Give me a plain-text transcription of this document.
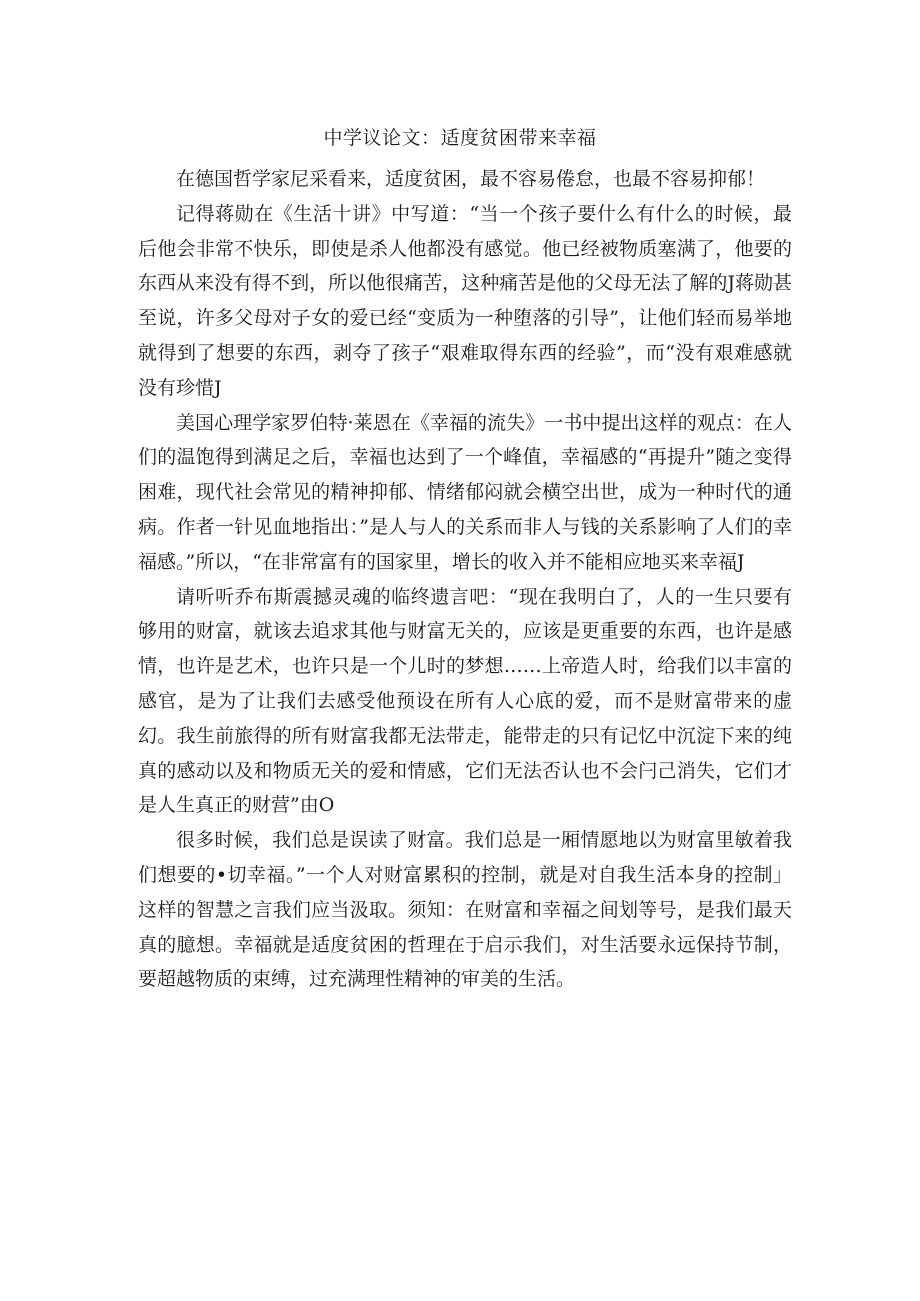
中学议论文：适度贫困带来幸福

在德国哲学家尼采看来，适度贫困，最不容易倦怠，也最不容易抑郁！

记得蒋勋在《生活十讲》中写道：“当一个孩子要什么有什么的时候，最后他会非常不快乐，即使是杀人他都没有感觉。他已经被物质塞满了，他要的东西从来没有得不到，所以他很痛苦，这种痛苦是他的父母无法了解的J蒋勋甚至说，许多父母对子女的爱已经“变质为一种堕落的引导”，让他们轻而易举地就得到了想要的东西，剥夺了孩子“艰难取得东西的经验”，而“没有艰难感就没有珍惜J

美国心理学家罗伯特·莱恩在《幸福的流失》一书中提出这样的观点：在人们的温饱得到满足之后，幸福也达到了一个峰值，幸福感的“再提升”随之变得困难，现代社会常见的精神抑郁、情绪郁闷就会横空出世，成为一种时代的通病。作者一针见血地指出：”是人与人的关系而非人与钱的关系影响了人们的幸福感。”所以，“在非常富有的国家里，增长的收入并不能相应地买来幸福J

请听听乔布斯震撼灵魂的临终遗言吧：“现在我明白了，人的一生只要有够用的财富，就该去追求其他与财富无关的，应该是更重要的东西，也许是感情，也许是艺术，也许只是一个儿时的梦想……上帝造人时，给我们以丰富的感官，是为了让我们去感受他预设在所有人心底的爱，而不是财富带来的虚幻。我生前旅得的所有财富我都无法带走，能带走的只有记忆中沉淀下来的纯真的感动以及和物质无关的爱和情感，它们无法否认也不会闩己消失，它们才是人生真正的财营”由O

很多时候，我们总是误读了财富。我们总是一厢情愿地以为财富里敏着我们想要的•切幸福。”一个人对财富累积的控制，就是对自我生活本身的控制」这样的智慧之言我们应当汲取。须知：在财富和幸福之间划等号，是我们最天真的臆想。幸福就是适度贫困的哲理在于启示我们，对生活要永远保持节制，要超越物质的束缚，过充满理性精神的审美的生活。
